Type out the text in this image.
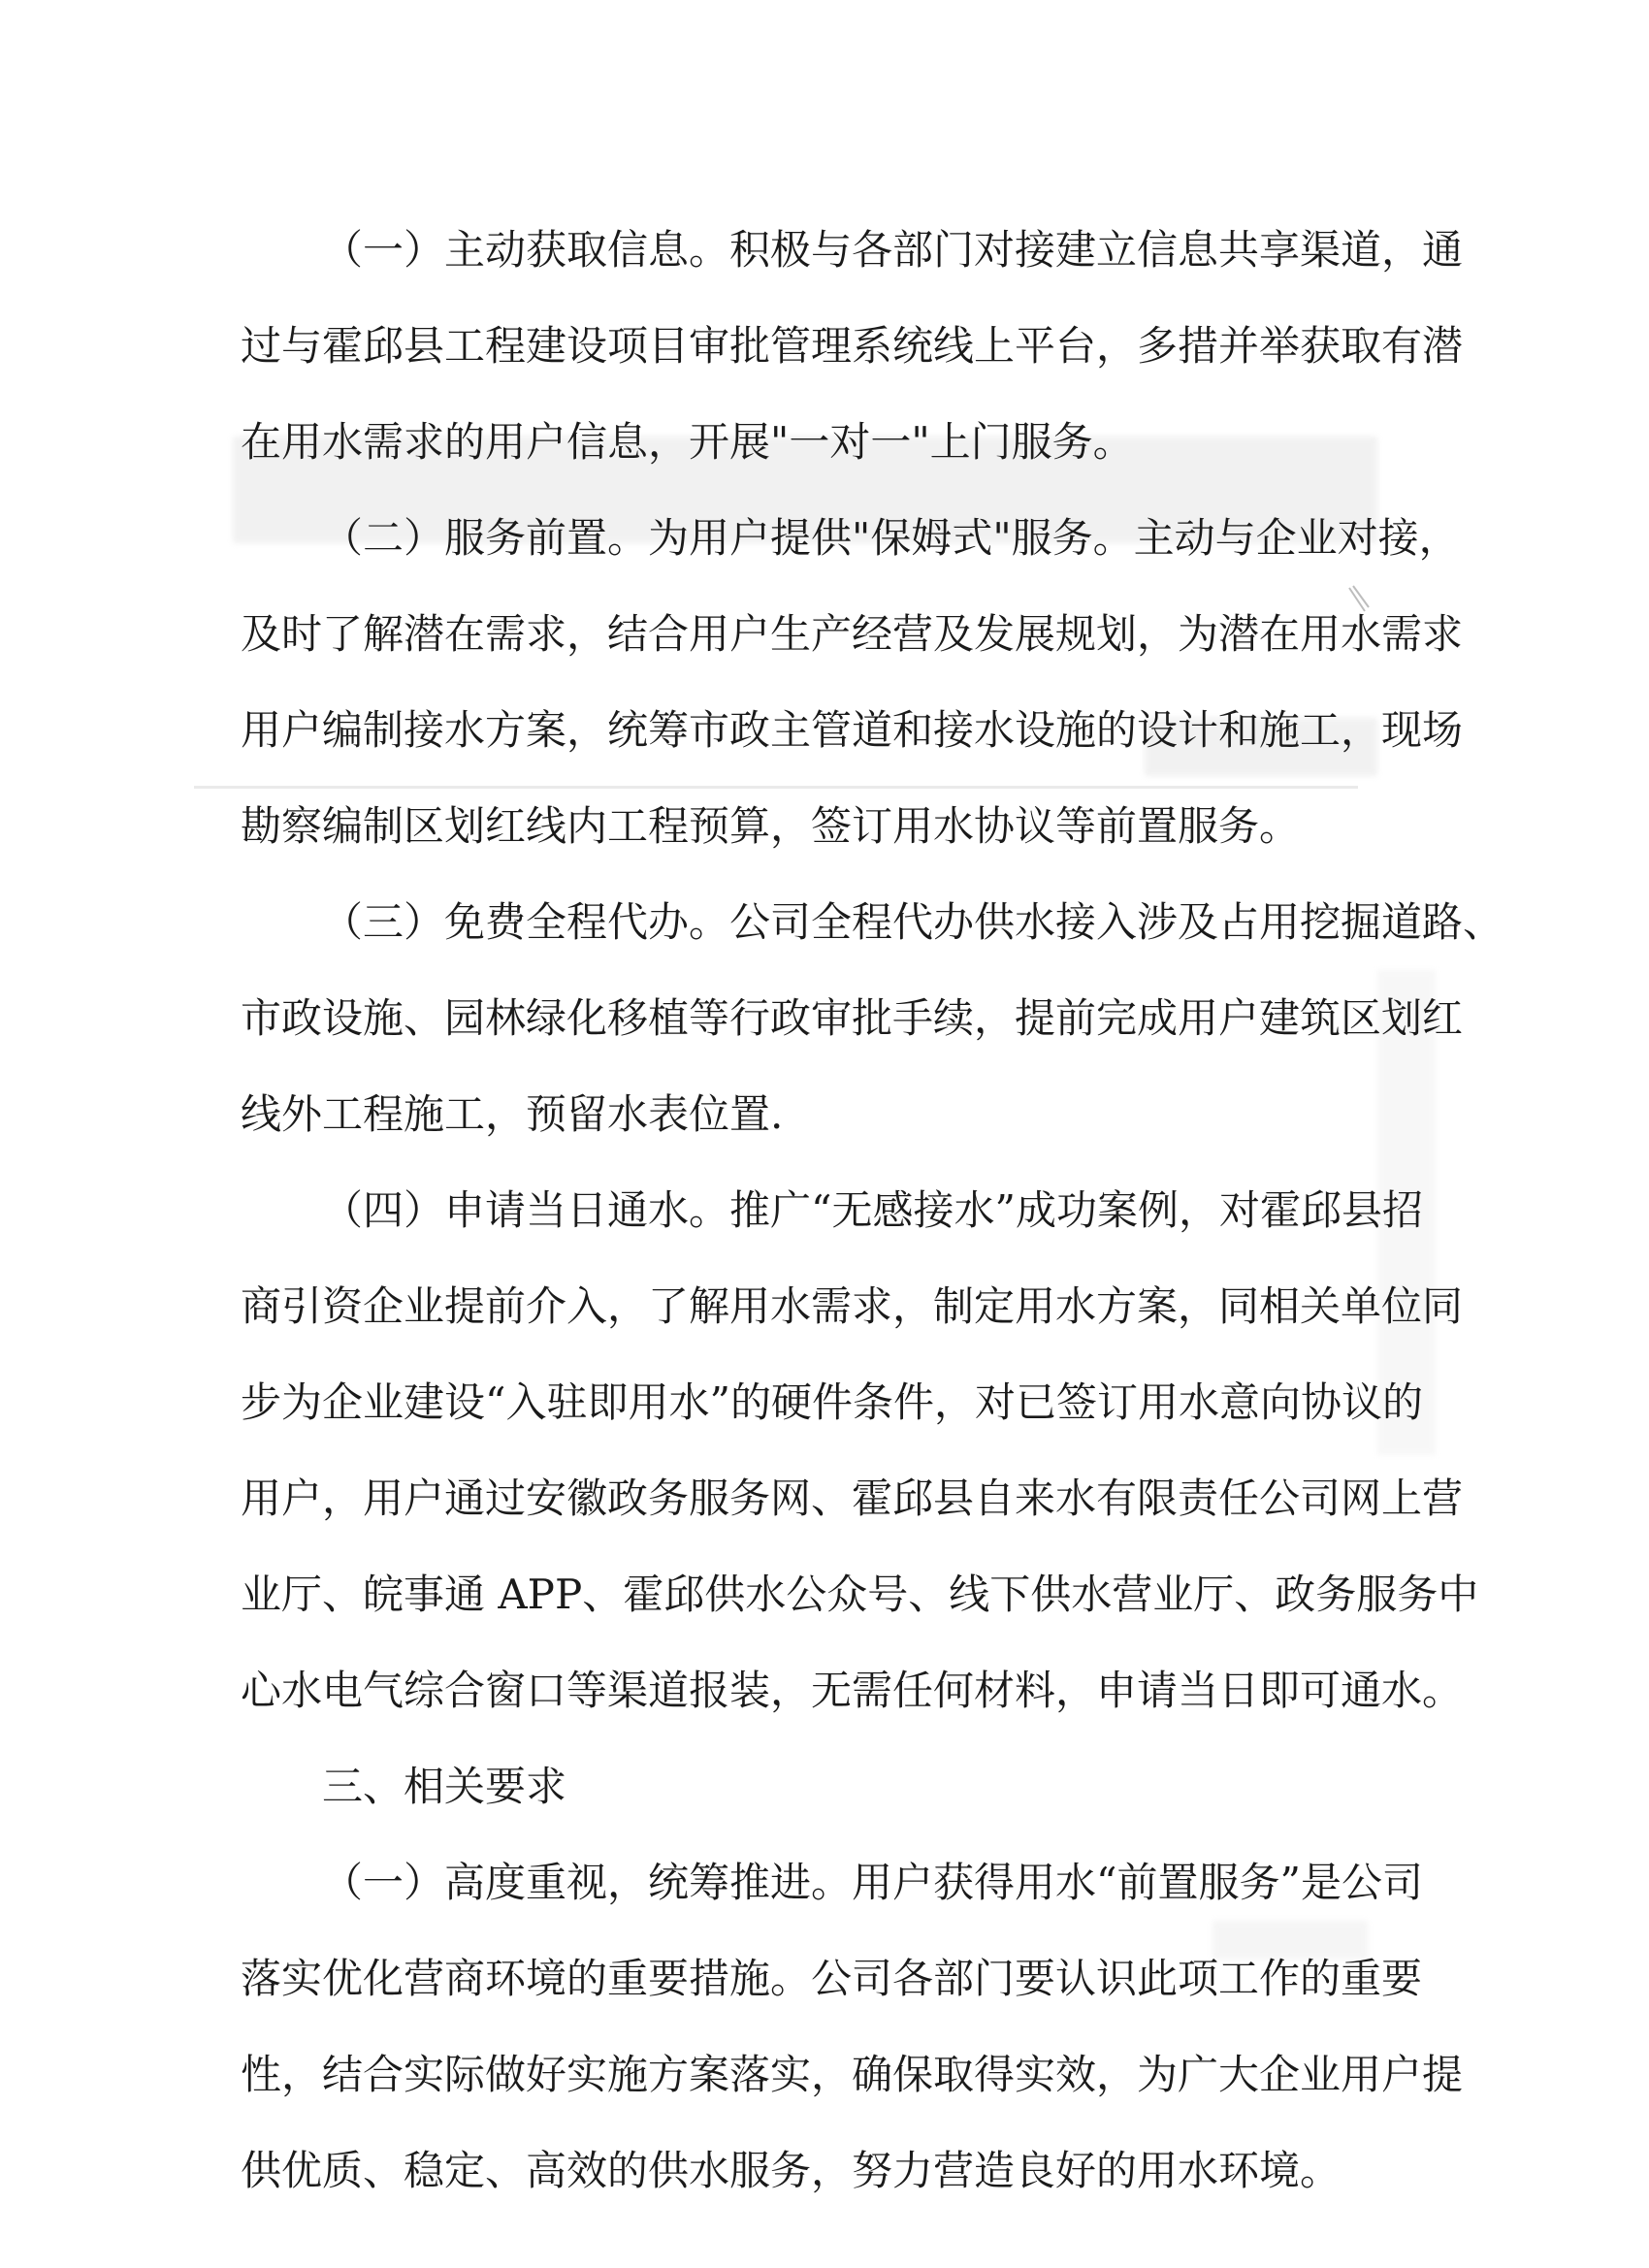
（一）主动获取信息。积极与各部门对接建立信息共享渠道，通
过与霍邱县工程建设项目审批管理系统线上平台，多措并举获取有潜
在用水需求的用户信息，开展"一对一"上门服务。
（二）服务前置。为用户提供"保姆式"服务。主动与企业对接，
及时了解潜在需求，结合用户生产经营及发展规划，为潜在用水需求
用户编制接水方案，统筹市政主管道和接水设施的设计和施工，现场
勘察编制区划红线内工程预算，签订用水协议等前置服务。
（三）免费全程代办。公司全程代办供水接入涉及占用挖掘道路、
市政设施、园林绿化移植等行政审批手续，提前完成用户建筑区划红
线外工程施工，预留水表位置.
（四）申请当日通水。推广“无感接水”成功案例，对霍邱县招
商引资企业提前介入，了解用水需求，制定用水方案，同相关单位同
步为企业建设“入驻即用水”的硬件条件，对已签订用水意向协议的
用户，用户通过安徽政务服务网、霍邱县自来水有限责任公司网上营
业厅、皖事通 APP、霍邱供水公众号、线下供水营业厅、政务服务中
心水电气综合窗口等渠道报装，无需任何材料，申请当日即可通水。
三、相关要求
（一）高度重视，统筹推进。用户获得用水“前置服务”是公司
落实优化营商环境的重要措施。公司各部门要认识此项工作的重要
性，结合实际做好实施方案落实，确保取得实效，为广大企业用户提
供优质、稳定、高效的供水服务，努力营造良好的用水环境。
